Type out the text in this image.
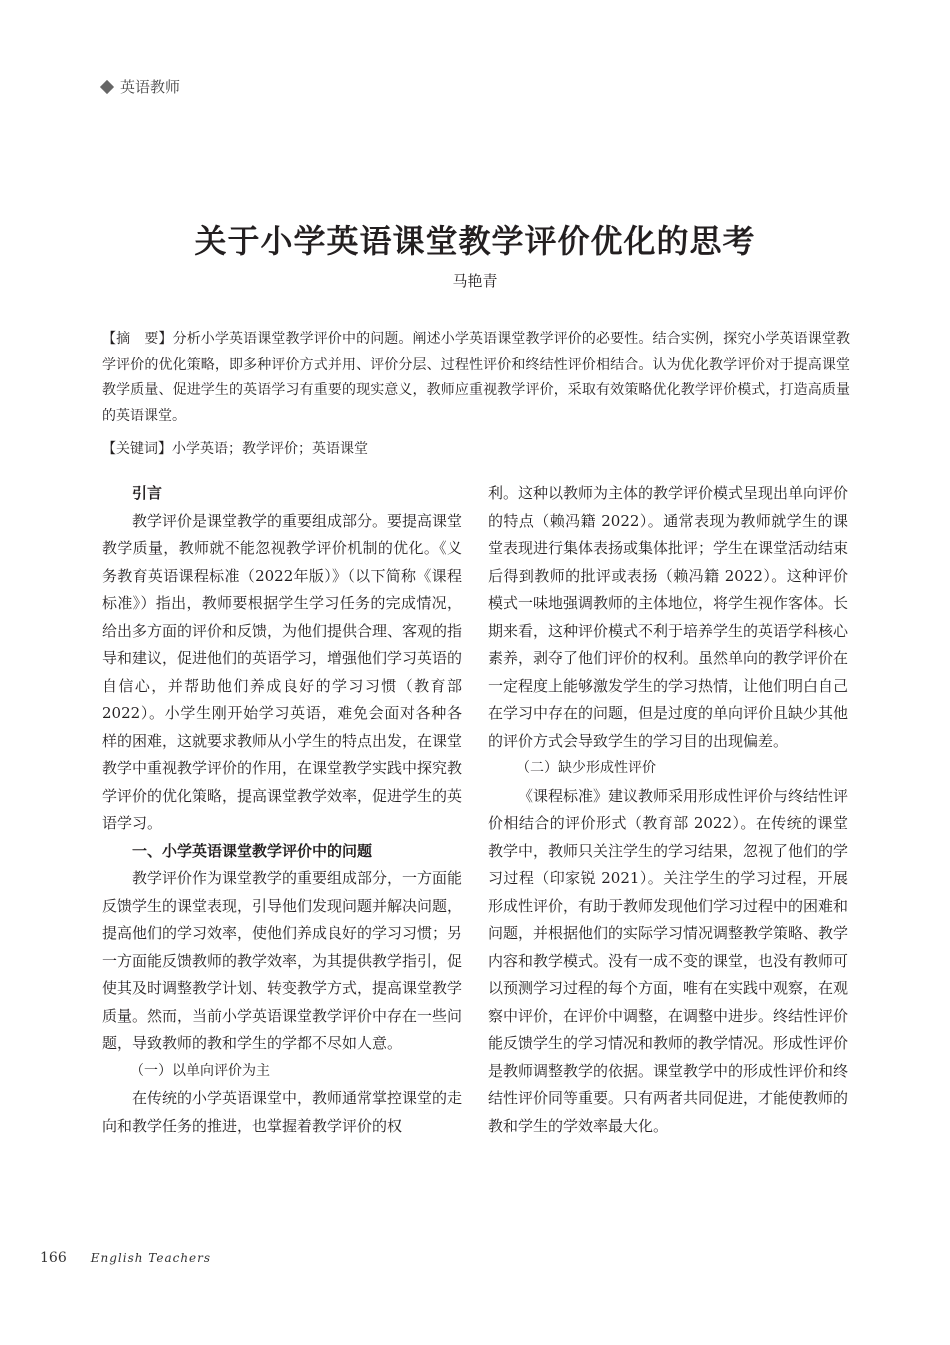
英语教师
关于小学英语课堂教学评价优化的思考
马艳青
【摘　要】分析小学英语课堂教学评价中的问题。阐述小学英语课堂教学评价的必要性。结合实例，探究小学英语课堂教学评价的优化策略，即多种评价方式并用、评价分层、过程性评价和终结性评价相结合。认为优化教学评价对于提高课堂教学质量、促进学生的英语学习有重要的现实意义，教师应重视教学评价，采取有效策略优化教学评价模式，打造高质量的英语课堂。
【关键词】小学英语；教学评价；英语课堂
引言

教学评价是课堂教学的重要组成部分。要提高课堂教学质量，教师就不能忽视教学评价机制的优化。《义务教育英语课程标准（2022年版）》（以下简称《课程标准》）指出，教师要根据学生学习任务的完成情况，给出多方面的评价和反馈，为他们提供合理、客观的指导和建议，促进他们的英语学习，增强他们学习英语的自信心，并帮助他们养成良好的学习习惯（教育部 2022）。小学生刚开始学习英语，难免会面对各种各样的困难，这就要求教师从小学生的特点出发，在课堂教学中重视教学评价的作用，在课堂教学实践中探究教学评价的优化策略，提高课堂教学效率，促进学生的英语学习。

一、小学英语课堂教学评价中的问题

教学评价作为课堂教学的重要组成部分，一方面能反馈学生的课堂表现，引导他们发现问题并解决问题，提高他们的学习效率，使他们养成良好的学习习惯；另一方面能反馈教师的教学效率，为其提供教学指引，促使其及时调整教学计划、转变教学方式，提高课堂教学质量。然而，当前小学英语课堂教学评价中存在一些问题，导致教师的教和学生的学都不尽如人意。

（一）以单向评价为主

在传统的小学英语课堂中，教师通常掌控课堂的走向和教学任务的推进，也掌握着教学评价的权

利。这种以教师为主体的教学评价模式呈现出单向评价的特点（赖冯籍 2022）。通常表现为教师就学生的课堂表现进行集体表扬或集体批评；学生在课堂活动结束后得到教师的批评或表扬（赖冯籍 2022）。这种评价模式一味地强调教师的主体地位，将学生视作客体。长期来看，这种评价模式不利于培养学生的英语学科核心素养，剥夺了他们评价的权利。虽然单向的教学评价在一定程度上能够激发学生的学习热情，让他们明白自己在学习中存在的问题，但是过度的单向评价且缺少其他的评价方式会导致学生的学习目的出现偏差。

（二）缺少形成性评价

《课程标准》建议教师采用形成性评价与终结性评价相结合的评价形式（教育部 2022）。在传统的课堂教学中，教师只关注学生的学习结果，忽视了他们的学习过程（印家锐 2021）。关注学生的学习过程，开展形成性评价，有助于教师发现他们学习过程中的困难和问题，并根据他们的实际学习情况调整教学策略、教学内容和教学模式。没有一成不变的课堂，也没有教师可以预测学习过程的每个方面，唯有在实践中观察，在观察中评价，在评价中调整，在调整中进步。终结性评价能反馈学生的学习情况和教师的教学情况。形成性评价是教师调整教学的依据。课堂教学中的形成性评价和终结性评价同等重要。只有两者共同促进，才能使教师的教和学生的学效率最大化。

166 English Teachers
